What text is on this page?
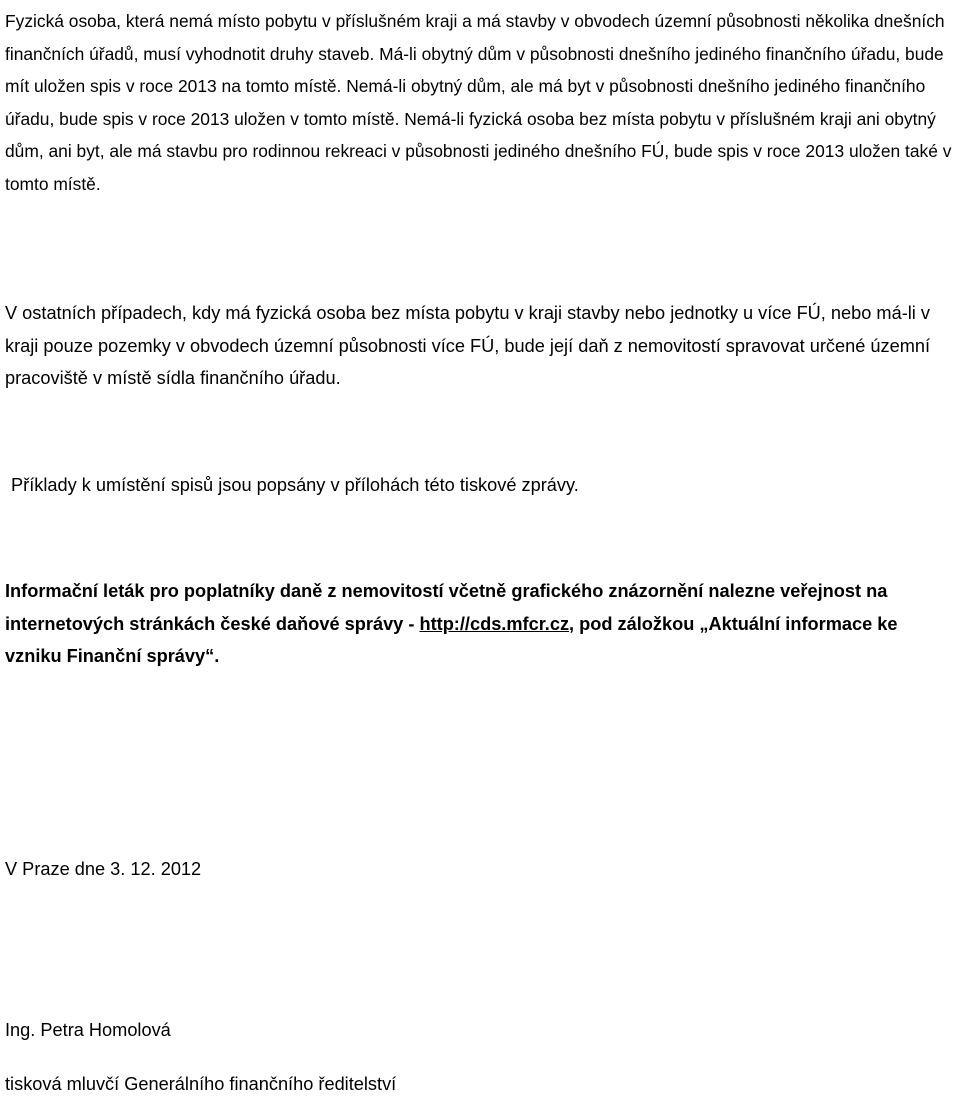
Fyzická osoba, která nemá místo pobytu v příslušném kraji a má stavby v obvodech územní působnosti několika dnešních finančních úřadů, musí vyhodnotit druhy staveb. Má-li obytný dům v působnosti dnešního jediného finančního úřadu, bude mít uložen spis v roce 2013 na tomto místě. Nemá-li obytný dům, ale má byt v působnosti dnešního jediného finančního úřadu, bude spis v roce 2013 uložen v tomto místě. Nemá-li fyzická osoba bez místa pobytu v příslušném kraji ani obytný dům, ani byt, ale má stavbu pro rodinnou rekreaci v působnosti jediného dnešního FÚ, bude spis v roce 2013 uložen také v tomto místě.

V ostatních případech, kdy má fyzická osoba bez místa pobytu v kraji stavby nebo jednotky u více FÚ, nebo má-li v kraji pouze pozemky v obvodech územní působnosti více FÚ, bude její daň z nemovitostí spravovat určené územní pracoviště v místě sídla finančního úřadu.

Příklady k umístění spisů jsou popsány v přílohách této tiskové zprávy.

Informační leták pro poplatníky daně z nemovitostí včetně grafického znázornění nalezne veřejnost na internetových stránkách české daňové správy - http://cds.mfcr.cz, pod záložkou „Aktuální informace ke vzniku Finanční správy“.

V Praze dne 3. 12. 2012

Ing. Petra Homolová

tisková mluvčí Generálního finančního ředitelství
